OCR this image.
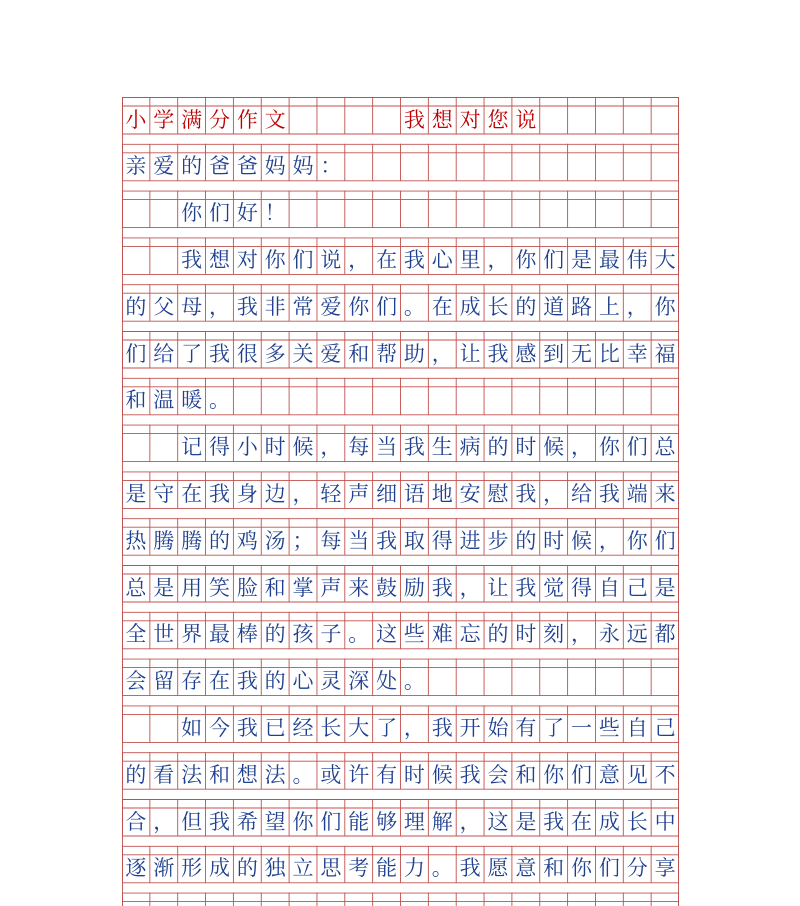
小 学 满 分 作 文	我 想 对 您 说
亲 爱 的 爸 爸 妈 妈 ：
你 们 好 ！
我 想 对 你 们 说 ， 在 我 心 里 ， 你 们 是 最 伟 大
的 父 母 ， 我 非 常 爱 你 们 。 在 成 长 的 道 路 上 ， 你
们 给 了 我 很 多 关 爱 和 帮 助 ， 让 我 感 到 无 比 幸 福
和 温 暖 。
记 得 小 时 候 ， 每 当 我 生 病 的 时 候 ， 你 们 总
是 守 在 我 身 边 ， 轻 声 细 语 地 安 慰 我 ， 给 我 端 来
热 腾 腾 的 鸡 汤 ； 每 当 我 取 得 进 步 的 时 候 ， 你 们
总 是 用 笑 脸 和 掌 声 来 鼓 励 我 ， 让 我 觉 得 自 己 是
全 世 界 最 棒 的 孩 子 。 这 些 难 忘 的 时 刻 ， 永 远 都
会 留 存 在 我 的 心 灵 深 处 。
如 今 我 已 经 长 大 了 ， 我 开 始 有 了 一 些 自 己
的 看 法 和 想 法 。 或 许 有 时 候 我 会 和 你 们 意 见 不
合 ， 但 我 希 望 你 们 能 够 理 解 ， 这 是 我 在 成 长 中
逐 渐 形 成 的 独 立 思 考 能 力 。 我 愿 意 和 你 们 分 享
